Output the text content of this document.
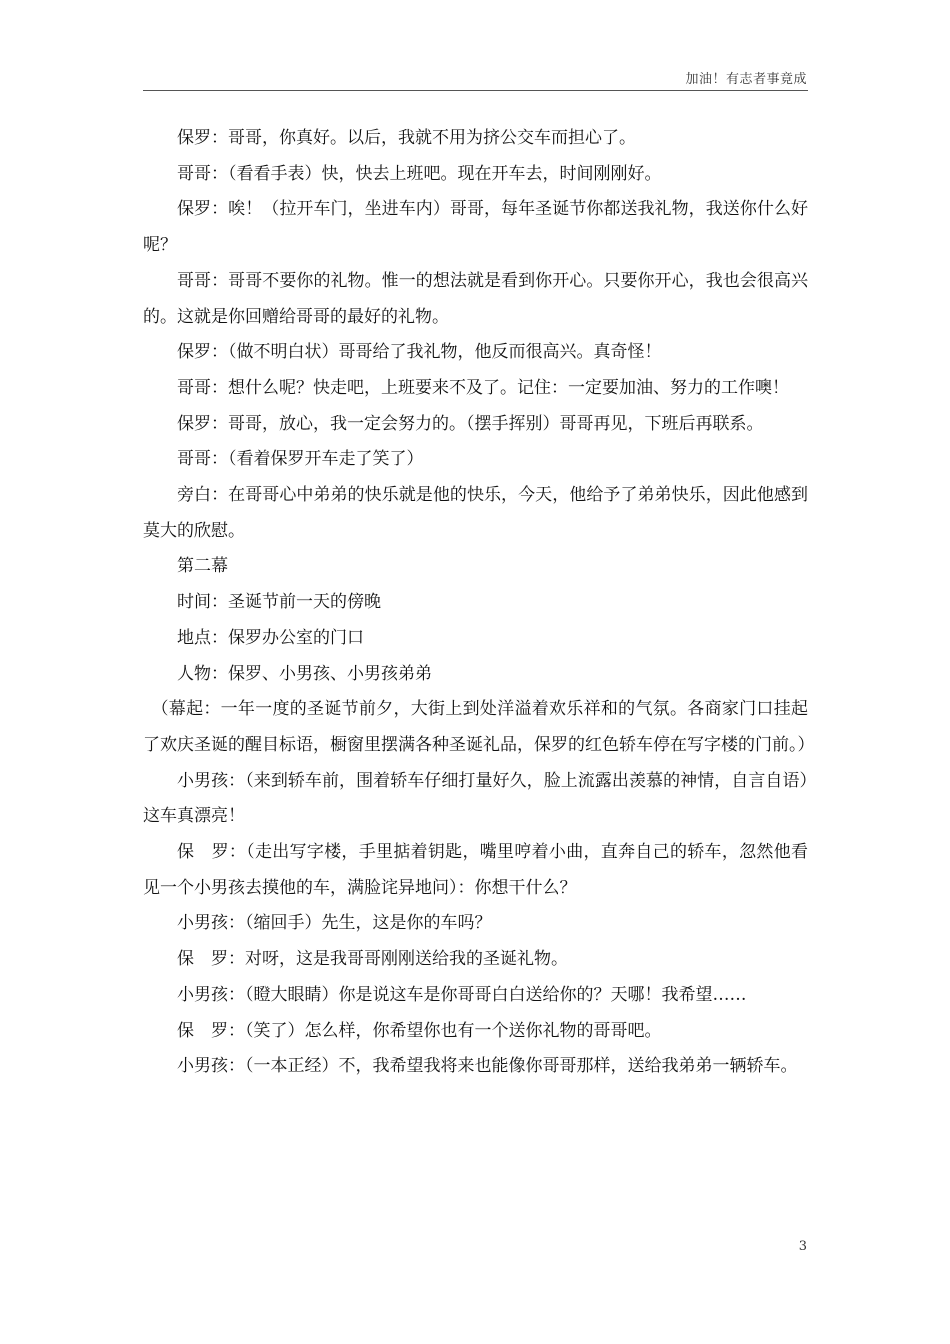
加油！有志者事竟成

保罗：哥哥，你真好。以后，我就不用为挤公交车而担心了。

哥哥：（看看手表）快，快去上班吧。现在开车去，时间刚刚好。

保罗：唉！（拉开车门，坐进车内）哥哥，每年圣诞节你都送我礼物，我送你什么好呢？

哥哥：哥哥不要你的礼物。惟一的想法就是看到你开心。只要你开心，我也会很高兴的。这就是你回赠给哥哥的最好的礼物。

保罗：（做不明白状）哥哥给了我礼物，他反而很高兴。真奇怪！

哥哥：想什么呢？快走吧，上班要来不及了。记住：一定要加油、努力的工作噢！

保罗：哥哥，放心，我一定会努力的。（摆手挥别）哥哥再见，下班后再联系。

哥哥：（看着保罗开车走了笑了）

旁白：在哥哥心中弟弟的快乐就是他的快乐，今天，他给予了弟弟快乐，因此他感到莫大的欣慰。

第二幕

时间：圣诞节前一天的傍晚

地点：保罗办公室的门口

人物：保罗、小男孩、小男孩弟弟

（幕起：一年一度的圣诞节前夕，大街上到处洋溢着欢乐祥和的气氛。各商家门口挂起了欢庆圣诞的醒目标语，橱窗里摆满各种圣诞礼品，保罗的红色轿车停在写字楼的门前。）

小男孩：（来到轿车前，围着轿车仔细打量好久，脸上流露出羡慕的神情，自言自语）这车真漂亮！

保　罗：（走出写字楼，手里掂着钥匙，嘴里哼着小曲，直奔自己的轿车，忽然他看见一个小男孩去摸他的车，满脸诧异地问）：你想干什么？

小男孩：（缩回手）先生，这是你的车吗？

保　罗：对呀，这是我哥哥刚刚送给我的圣诞礼物。

小男孩：（瞪大眼睛）你是说这车是你哥哥白白送给你的？天哪！我希望……

保　罗：（笑了）怎么样，你希望你也有一个送你礼物的哥哥吧。

小男孩：（一本正经）不，我希望我将来也能像你哥哥那样，送给我弟弟一辆轿车。

3
